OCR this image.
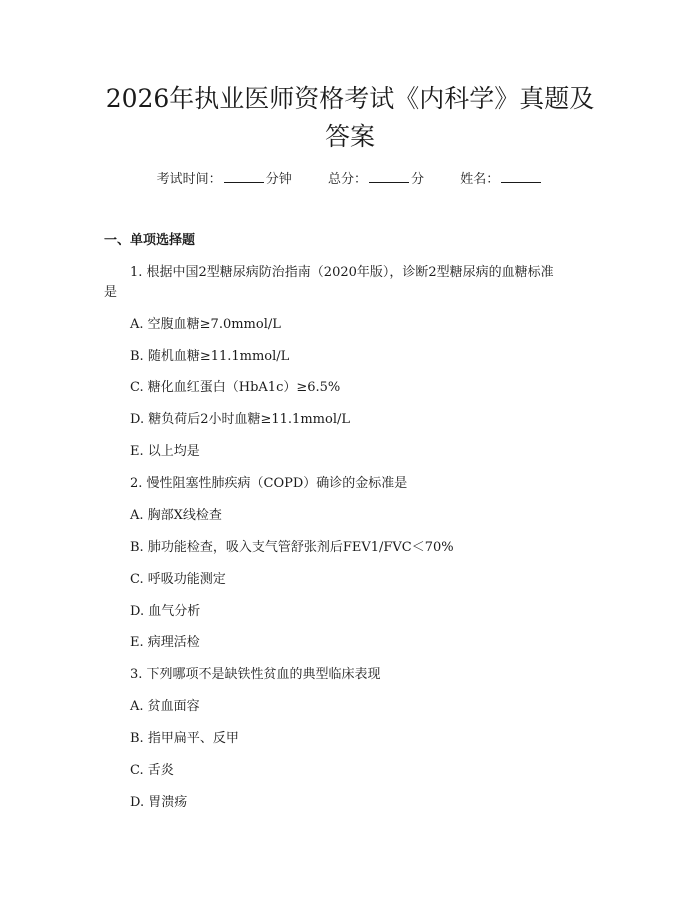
2026年执业医师资格考试《内科学》真题及
答案
考试时间：	分钟	总分：	分	姓名：
一、单项选择题
1. 根据中国2型糖尿病防治指南（2020年版），诊断2型糖尿病的血糖标准
是
A. 空腹血糖≥7.0mmol/L
B. 随机血糖≥11.1mmol/L
C. 糖化血红蛋白（HbA1c）≥6.5%
D. 糖负荷后2小时血糖≥11.1mmol/L
E. 以上均是
2. 慢性阻塞性肺疾病（COPD）确诊的金标准是
A. 胸部X线检查
B. 肺功能检查，吸入支气管舒张剂后FEV1/FVC＜70%
C. 呼吸功能测定
D. 血气分析
E. 病理活检
3. 下列哪项不是缺铁性贫血的典型临床表现
A. 贫血面容
B. 指甲扁平、反甲
C. 舌炎
D. 胃溃疡
